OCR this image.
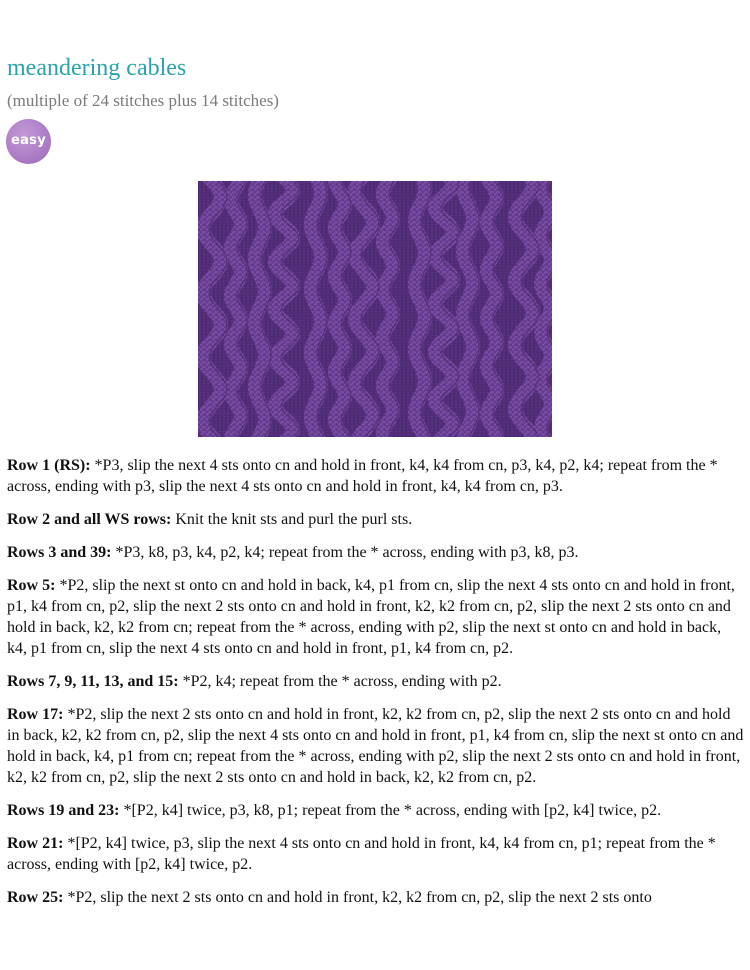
meandering cables
(multiple of 24 stitches plus 14 stitches)
easy

Row 1 (RS): *P3, slip the next 4 sts onto cn and hold in front, k4, k4 from cn, p3, k4, p2, k4; repeat from the * across, ending with p3, slip the next 4 sts onto cn and hold in front, k4, k4 from cn, p3.

Row 2 and all WS rows: Knit the knit sts and purl the purl sts.

Rows 3 and 39: *P3, k8, p3, k4, p2, k4; repeat from the * across, ending with p3, k8, p3.

Row 5: *P2, slip the next st onto cn and hold in back, k4, p1 from cn, slip the next 4 sts onto cn and hold in front, p1, k4 from cn, p2, slip the next 2 sts onto cn and hold in front, k2, k2 from cn, p2, slip the next 2 sts onto cn and hold in back, k2, k2 from cn; repeat from the * across, ending with p2, slip the next st onto cn and hold in back, k4, p1 from cn, slip the next 4 sts onto cn and hold in front, p1, k4 from cn, p2.

Rows 7, 9, 11, 13, and 15: *P2, k4; repeat from the * across, ending with p2.

Row 17: *P2, slip the next 2 sts onto cn and hold in front, k2, k2 from cn, p2, slip the next 2 sts onto cn and hold in back, k2, k2 from cn, p2, slip the next 4 sts onto cn and hold in front, p1, k4 from cn, slip the next st onto cn and hold in back, k4, p1 from cn; repeat from the * across, ending with p2, slip the next 2 sts onto cn and hold in front, k2, k2 from cn, p2, slip the next 2 sts onto cn and hold in back, k2, k2 from cn, p2.

Rows 19 and 23: *[P2, k4] twice, p3, k8, p1; repeat from the * across, ending with [p2, k4] twice, p2.

Row 21: *[P2, k4] twice, p3, slip the next 4 sts onto cn and hold in front, k4, k4 from cn, p1; repeat from the * across, ending with [p2, k4] twice, p2.

Row 25: *P2, slip the next 2 sts onto cn and hold in front, k2, k2 from cn, p2, slip the next 2 sts onto
